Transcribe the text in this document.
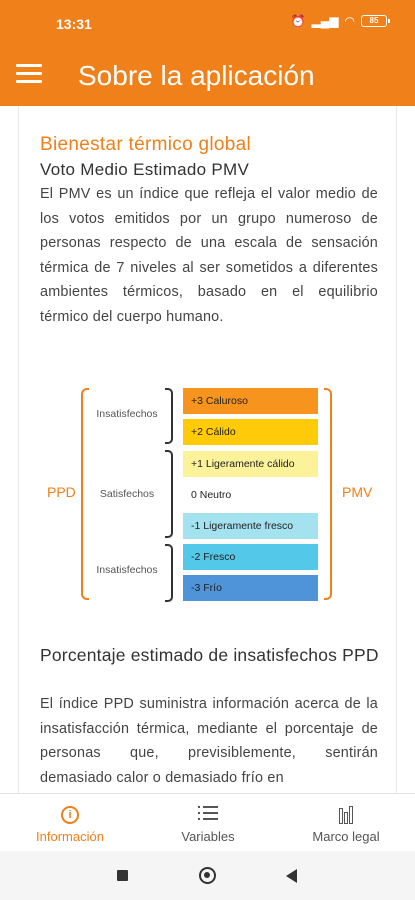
13:31	⏰ ▂▄▆ ◠	85
Sobre la aplicación
Bienestar térmico global
Voto Medio Estimado PMV

El PMV es un índice que refleja el valor medio de los votos emitidos por un grupo numeroso de personas respecto de una escala de sensación térmica de 7 niveles al ser sometidos a diferentes ambientes térmicos, basado en el equilibrio térmico del cuerpo humano.

PPD	PMV
Insatisfechos
Satisfechos
Insatisfechos
+3 Caluroso
+2 Cálido
+1 Ligeramente cálido
0 Neutro
-1 Ligeramente fresco
-2 Fresco
-3 Frío
Porcentaje estimado de insatisfechos PPD

El índice PPD suministra información acerca de la insatisfacción térmica, mediante el porcentaje de personas que, previsiblemente, sentirán demasiado calor o demasiado frío en

i
Información	Variables	Marco legal
